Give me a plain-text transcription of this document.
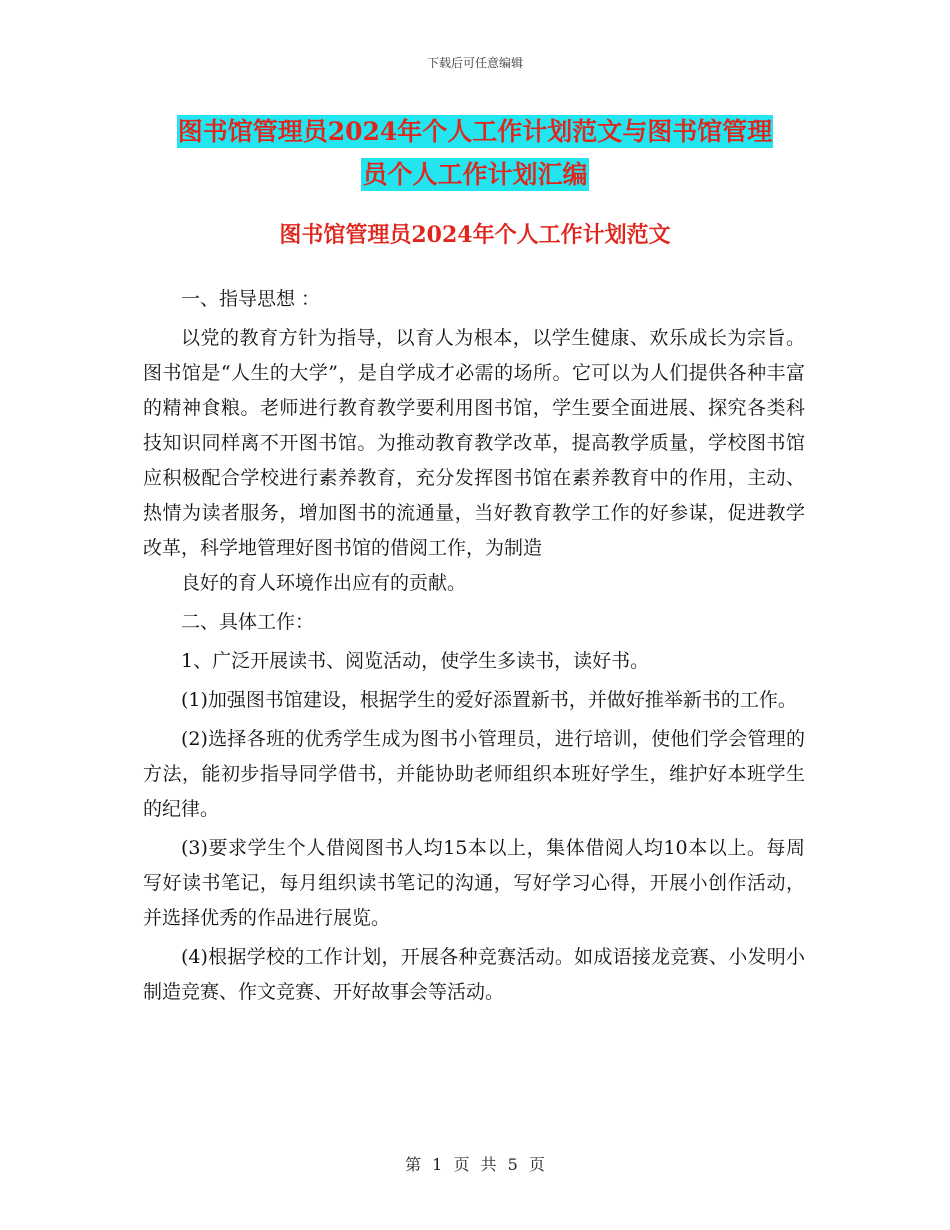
下载后可任意编辑
图书馆管理员2024年个人工作计划范文与图书馆管理
员个人工作计划汇编
图书馆管理员2024年个人工作计划范文

一、指导思想 ：

以党的教育方针为指导，以育人为根本，以学生健康、欢乐成长为宗旨。图书馆是“人生的大学”，是自学成才必需的场所。它可以为人们提供各种丰富的精神食粮。老师进行教育教学要利用图书馆，学生要全面进展、探究各类科技知识同样离不开图书馆。为推动教育教学改革，提高教学质量，学校图书馆应积极配合学校进行素养教育，充分发挥图书馆在素养教育中的作用，主动、热情为读者服务，增加图书的流通量，当好教育教学工作的好参谋，促进教学改革，科学地管理好图书馆的借阅工作，为制造

良好的育人环境作出应有的贡献。

二、具体工作：

1、广泛开展读书、阅览活动，使学生多读书，读好书。

(1)加强图书馆建设，根据学生的爱好添置新书，并做好推举新书的工作。

(2)选择各班的优秀学生成为图书小管理员，进行培训，使他们学会管理的方法，能初步指导同学借书，并能协助老师组织本班好学生，维护好本班学生的纪律。

(3)要求学生个人借阅图书人均15本以上，集体借阅人均10本以上。每周写好读书笔记，每月组织读书笔记的沟通，写好学习心得，开展小创作活动，并选择优秀的作品进行展览。

(4)根据学校的工作计划，开展各种竞赛活动。如成语接龙竞赛、小发明小制造竞赛、作文竞赛、开好故事会等活动。

第 1 页 共 5 页
